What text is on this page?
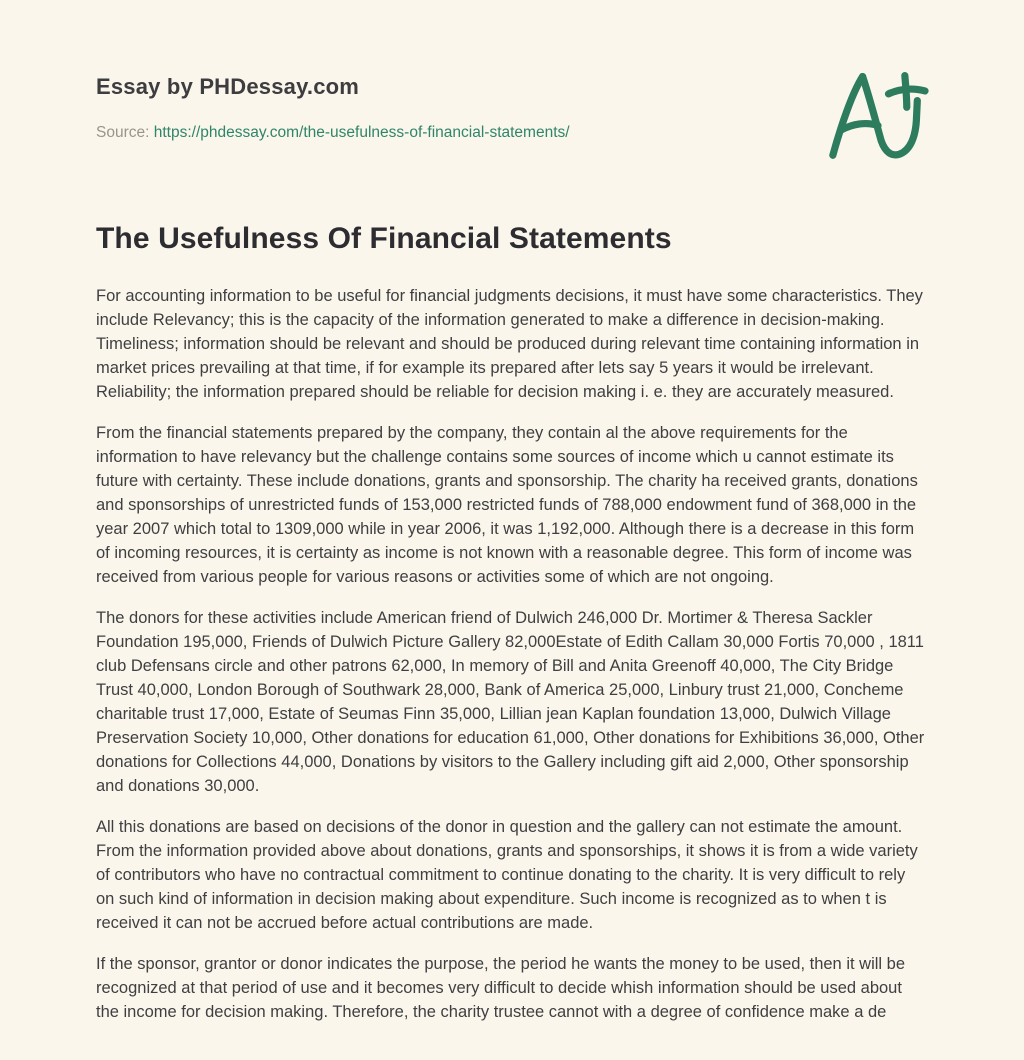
Essay by PHDessay.com
Source: https://phdessay.com/the-usefulness-of-financial-statements/
The Usefulness Of Financial Statements

For accounting information to be useful for financial judgments decisions, it must have some characteristics. They include Relevancy; this is the capacity of the information generated to make a difference in decision-making. Timeliness; information should be relevant and should be produced during relevant time containing information in market prices prevailing at that time, if for example its prepared after lets say 5 years it would be irrelevant. Reliability; the information prepared should be reliable for decision making i. e. they are accurately measured.

From the financial statements prepared by the company, they contain al the above requirements for the information to have relevancy but the challenge contains some sources of income which u cannot estimate its future with certainty. These include donations, grants and sponsorship. The charity ha received grants, donations and sponsorships of unrestricted funds of 153,000 restricted funds of 788,000 endowment fund of 368,000 in the year 2007 which total to 1309,000 while in year 2006, it was 1,192,000. Although there is a decrease in this form of incoming resources, it is certainty as income is not known with a reasonable degree. This form of income was received from various people for various reasons or activities some of which are not ongoing.

The donors for these activities include American friend of Dulwich 246,000 Dr. Mortimer & Theresa Sackler Foundation 195,000, Friends of Dulwich Picture Gallery 82,000Estate of Edith Callam 30,000 Fortis 70,000 , 1811 club Defensans circle and other patrons 62,000, In memory of Bill and Anita Greenoff 40,000, The City Bridge Trust 40,000, London Borough of Southwark 28,000, Bank of America 25,000, Linbury trust 21,000, Concheme charitable trust 17,000, Estate of Seumas Finn 35,000, Lillian jean Kaplan foundation 13,000, Dulwich Village Preservation Society 10,000, Other donations for education 61,000, Other donations for Exhibitions 36,000, Other donations for Collections 44,000, Donations by visitors to the Gallery including gift aid 2,000, Other sponsorship and donations 30,000.

All this donations are based on decisions of the donor in question and the gallery can not estimate the amount. From the information provided above about donations, grants and sponsorships, it shows it is from a wide variety of contributors who have no contractual commitment to continue donating to the charity. It is very difficult to rely on such kind of information in decision making about expenditure. Such income is recognized as to when t is received it can not be accrued before actual contributions are made.

If the sponsor, grantor or donor indicates the purpose, the period he wants the money to be used, then it will be recognized at that period of use and it becomes very difficult to decide whish information should be used about the income for decision making. Therefore, the charity trustee cannot with a degree of confidence make a de
